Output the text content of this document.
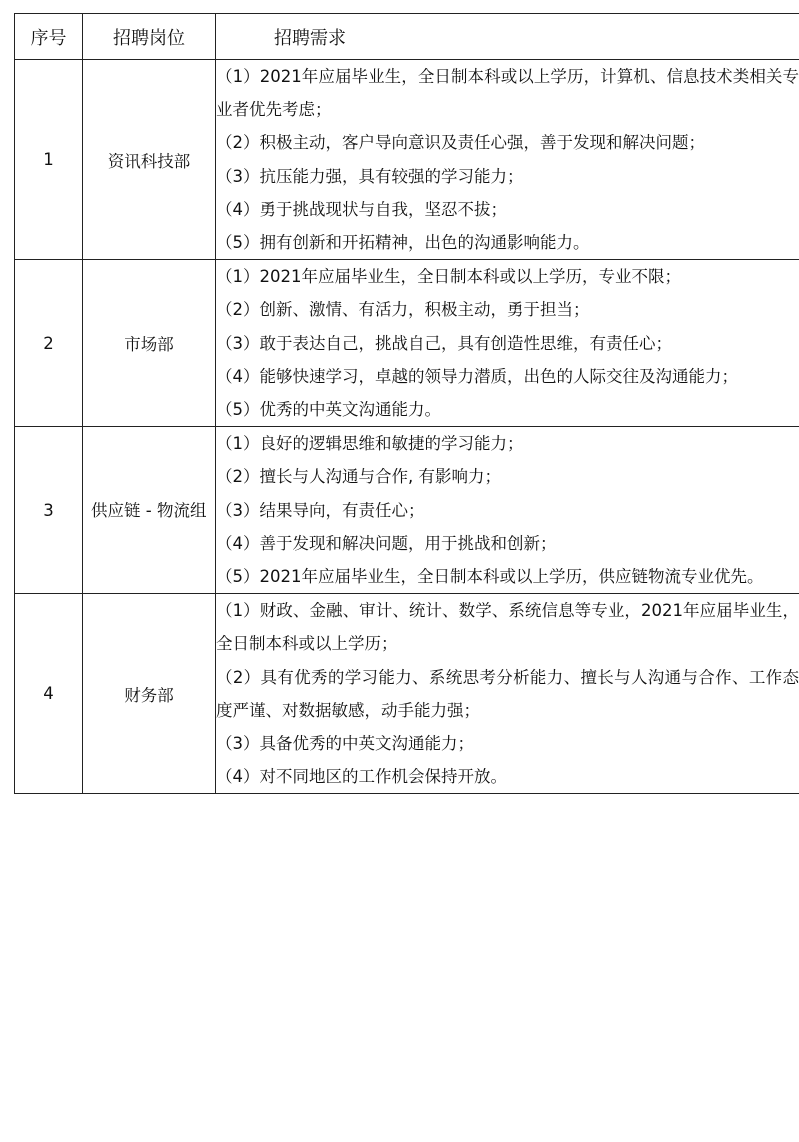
序号	招聘岗位	招聘需求
1	资讯科技部	（1）2021年应届毕业生，全日制本科或以上学历，计算机、信息技术类相关专业者优先考虑；
（2）积极主动，客户导向意识及责任心强，善于发现和解决问题；
（3）抗压能力强，具有较强的学习能力；
（4）勇于挑战现状与自我，坚忍不拔；
（5）拥有创新和开拓精神，出色的沟通影响能力。

2	市场部	（1）2021年应届毕业生，全日制本科或以上学历，专业不限；
（2）创新、激情、有活力，积极主动，勇于担当；
（3）敢于表达自己，挑战自己，具有创造性思维，有责任心；
（4）能够快速学习，卓越的领导力潜质，出色的人际交往及沟通能力；
（5）优秀的中英文沟通能力。

3	供应链 - 物流组	（1）良好的逻辑思维和敏捷的学习能力；
（2）擅长与人沟通与合作, 有影响力；
（3）结果导向，有责任心；
（4）善于发现和解决问题，用于挑战和创新；
（5）2021年应届毕业生，全日制本科或以上学历，供应链物流专业优先。

4	财务部	（1）财政、金融、审计、统计、数学、系统信息等专业，2021年应届毕业生，全日制本科或以上学历；
（2）具有优秀的学习能力、系统思考分析能力、擅长与人沟通与合作、工作态度严谨、对数据敏感，动手能力强；
（3）具备优秀的中英文沟通能力；
（4）对不同地区的工作机会保持开放。
